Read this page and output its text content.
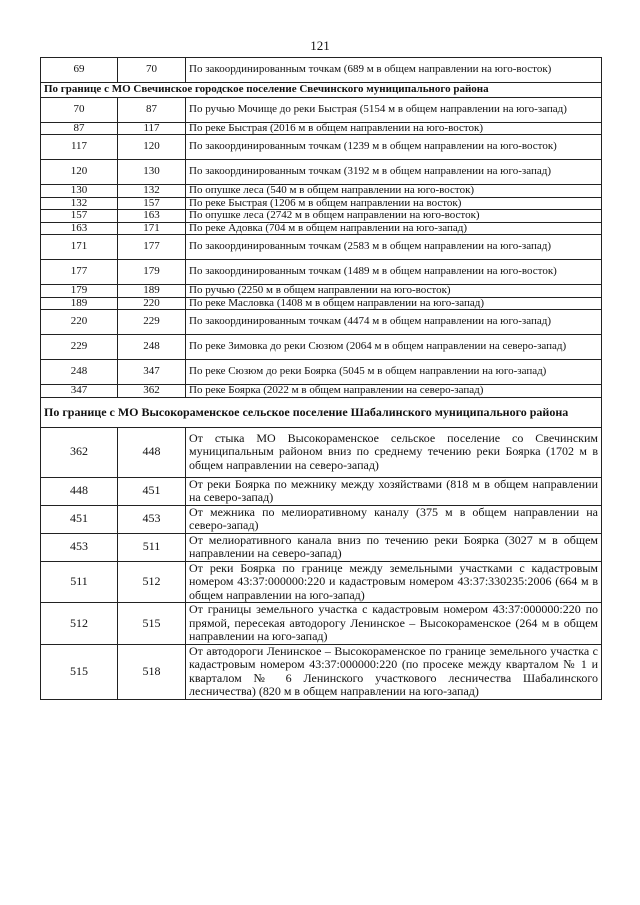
121
69	70	По закоординированным точкам (689 м в общем направлении на юго-восток)
По границе с МО Свечинское городское поселение Свечинского муниципального района		
70	87	По ручью Мочище до реки Быстрая (5154 м в общем направлении на юго-запад)
87	117	По реке Быстрая (2016 м в общем направлении на юго-восток)
117	120	По закоординированным точкам (1239 м в общем направлении на юго-восток)
120	130	По закоординированным точкам (3192 м в общем направлении на юго-запад)
130	132	По опушке леса (540 м в общем направлении на юго-восток)
132	157	По реке Быстрая (1206 м в общем направлении на восток)
157	163	По опушке леса (2742 м в общем направлении на юго-восток)
163	171	По реке Адовка (704 м в общем направлении на юго-запад)
171	177	По закоординированным точкам (2583 м в общем направлении на юго-запад)
177	179	По закоординированным точкам (1489 м в общем направлении на юго-восток)
179	189	По ручью (2250 м в общем направлении на юго-восток)
189	220	По реке Масловка (1408 м в общем направлении на юго-запад)
220	229	По закоординированным точкам (4474 м в общем направлении на юго-запад)
229	248	По реке Зимовка до реки Сюзюм (2064 м в общем направлении на северо-запад)
248	347	По реке Сюзюм до реки Боярка (5045 м в общем направлении на юго-запад)
347	362	По реке Боярка (2022 м в общем направлении на северо-запад)
По границе с МО Высокораменское сельское поселение Шабалинского муниципального района		
362	448	От стыка МО Высокораменское сельское поселение со Свечинским муниципальным районом вниз по среднему течению реки Боярка (1702 м в общем направлении на северо-запад)
448	451	От реки Боярка по межнику между хозяйствами (818 м в общем направлении на северо-запад)
451	453	От межника по мелиоративному каналу (375 м в общем направлении на северо-запад)
453	511	От мелиоративного канала вниз по течению реки Боярка (3027 м в общем направлении на северо-запад)
511	512	От реки Боярка по границе между земельными участками с кадастровым номером 43:37:000000:220 и кадастровым номером 43:37:330235:2006 (664 м в общем направлении на юго-запад)
512	515	От границы земельного участка с кадастровым номером 43:37:000000:220 по прямой, пересекая автодорогу Ленинское – Высокораменское (264 м в общем направлении на юго-запад)
515	518	От автодороги Ленинское – Высокораменское по границе земельного участка с кадастровым номером 43:37:000000:220 (по просеке между кварталом № 1 и кварталом № 6 Ленинского участкового лесничества Шабалинского лесничества) (820 м в общем направлении на юго-запад)
